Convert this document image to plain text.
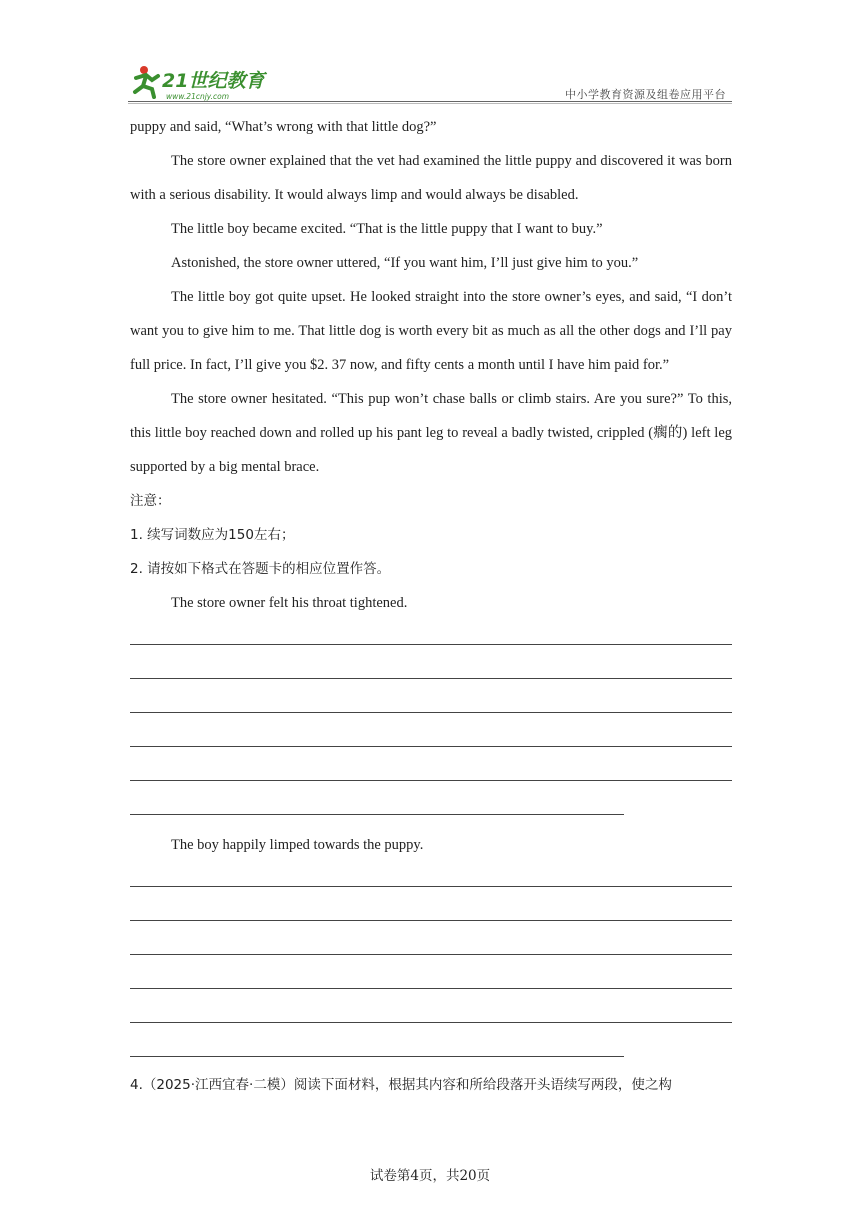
21世纪教育
www.21cnjy.com	中小学教育资源及组卷应用平台

puppy and said, “What’s wrong with that little dog?”

The store owner explained that the vet had examined the little puppy and discovered it was born with a serious disability. It would always limp and would always be disabled.

The little boy became excited. “That is the little puppy that I want to buy.”

Astonished, the store owner uttered, “If you want him, I’ll just give him to you.”

The little boy got quite upset. He looked straight into the store owner’s eyes, and said, “I don’t want you to give him to me. That little dog is worth every bit as much as all the other dogs and I’ll pay full price. In fact, I’ll give you $2. 37 now, and fifty cents a month until I have him paid for.”

The store owner hesitated. “This pup won’t chase balls or climb stairs. Are you sure?” To this, this little boy reached down and rolled up his pant leg to reveal a badly twisted, crippled (瘸的) left leg supported by a big mental brace.

注意：

1. 续写词数应为150左右；

2. 请按如下格式在答题卡的相应位置作答。

The store owner felt his throat tightened.

The boy happily limped towards the puppy.

4.（2025·江西宜春·二模）阅读下面材料，根据其内容和所给段落开头语续写两段，使之构

试卷第4页，共20页
